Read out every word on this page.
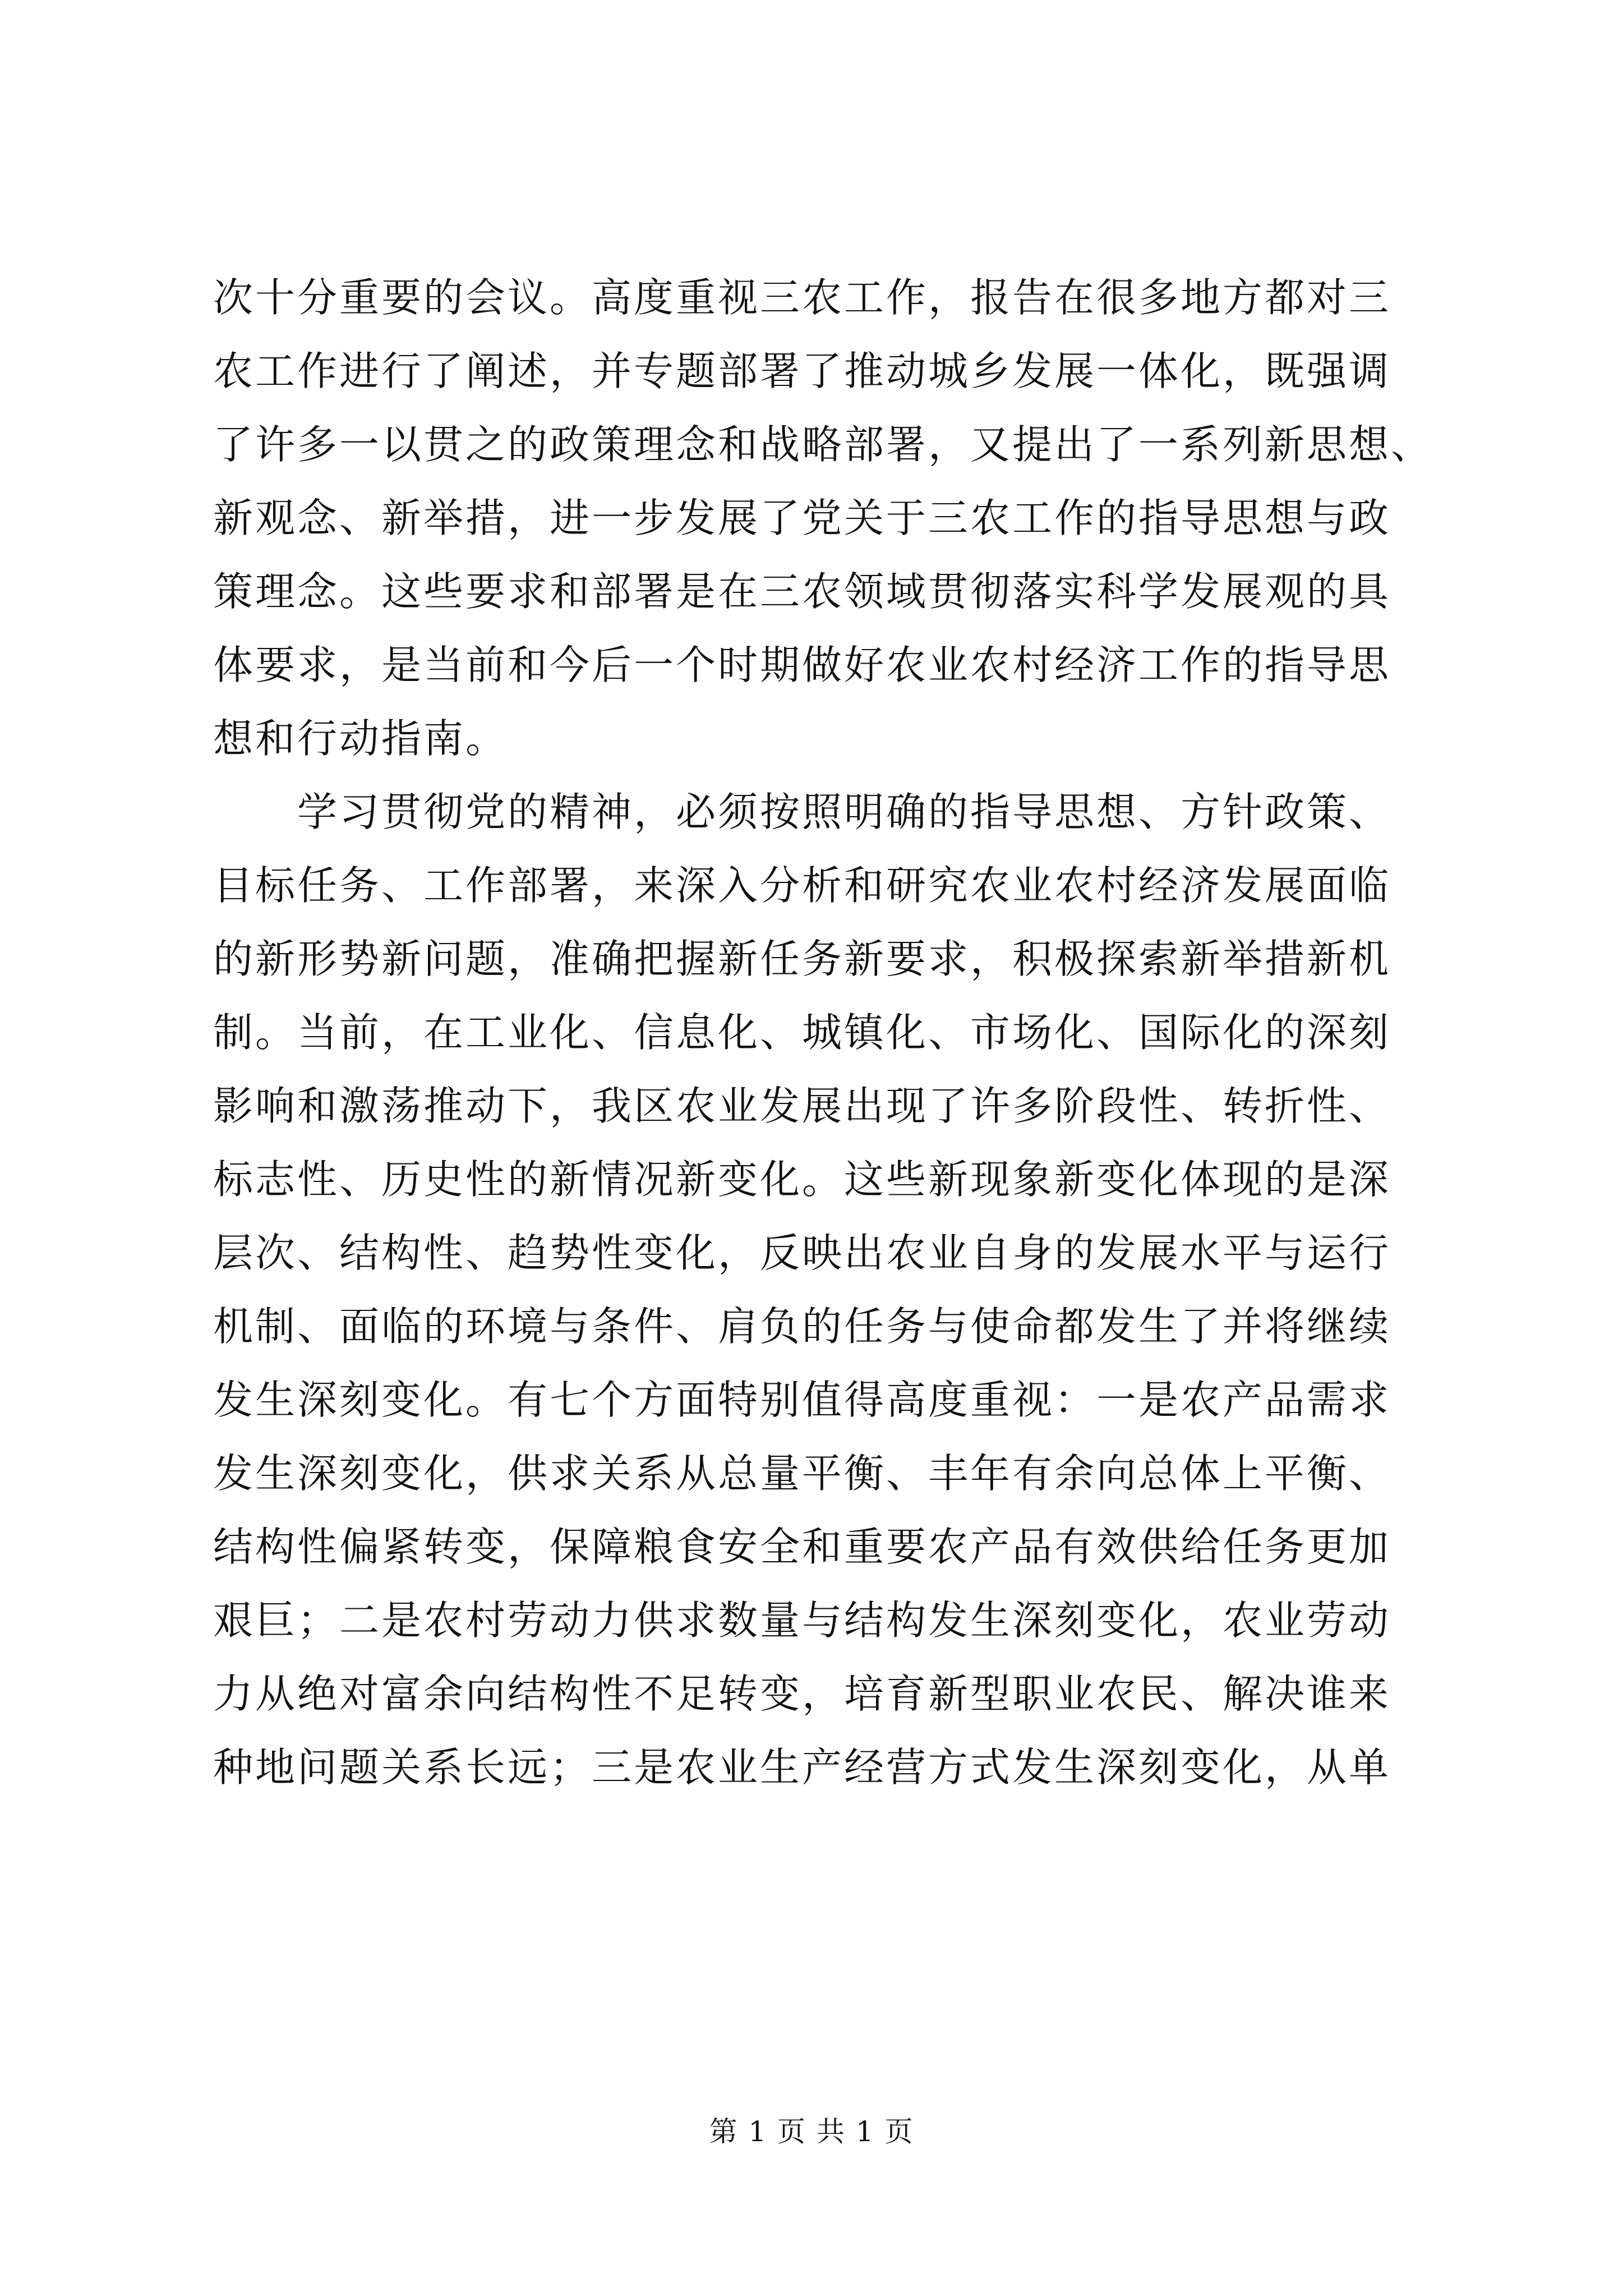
次十分重要的会议。高度重视三农工作，报告在很多地方都对三
农工作进行了阐述，并专题部署了推动城乡发展一体化，既强调
了许多一以贯之的政策理念和战略部署，又提出了一系列新思想、
新观念、新举措，进一步发展了党关于三农工作的指导思想与政
策理念。这些要求和部署是在三农领域贯彻落实科学发展观的具
体要求，是当前和今后一个时期做好农业农村经济工作的指导思
想和行动指南。
学习贯彻党的精神，必须按照明确的指导思想、方针政策、
目标任务、工作部署，来深入分析和研究农业农村经济发展面临
的新形势新问题，准确把握新任务新要求，积极探索新举措新机
制。当前，在工业化、信息化、城镇化、市场化、国际化的深刻
影响和激荡推动下，我区农业发展出现了许多阶段性、转折性、
标志性、历史性的新情况新变化。这些新现象新变化体现的是深
层次、结构性、趋势性变化，反映出农业自身的发展水平与运行
机制、面临的环境与条件、肩负的任务与使命都发生了并将继续
发生深刻变化。有七个方面特别值得高度重视：一是农产品需求
发生深刻变化，供求关系从总量平衡、丰年有余向总体上平衡、
结构性偏紧转变，保障粮食安全和重要农产品有效供给任务更加
艰巨；二是农村劳动力供求数量与结构发生深刻变化，农业劳动
力从绝对富余向结构性不足转变，培育新型职业农民、解决谁来
种地问题关系长远；三是农业生产经营方式发生深刻变化，从单
第 1 页 共 1 页
